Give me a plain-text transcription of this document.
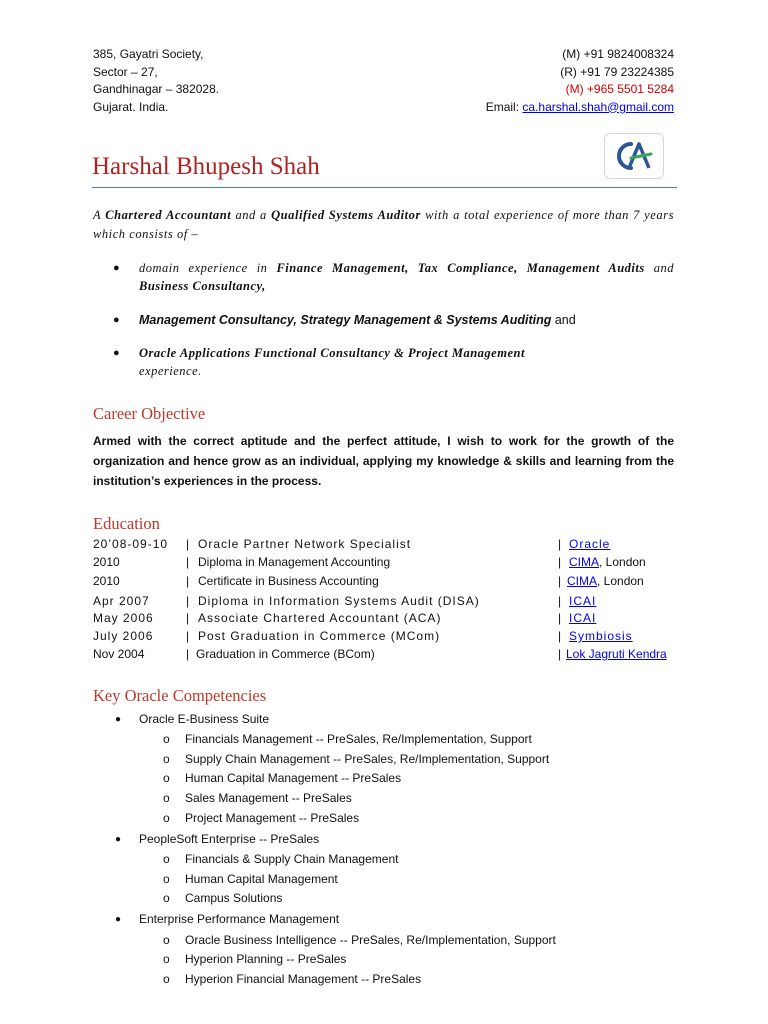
385, Gayatri Society,
Sector – 27,
Gandhinagar – 382028.
Gujarat. India.
(M) +91 9824008324
(R) +91 79 23224385
(M) +965 5501 5284
Email: ca.harshal.shah@gmail.com
Harshal Bhupesh Shah	CA
A Chartered Accountant and a Qualified Systems Auditor with a total experience of more than 7 years which consists of –
● domain experience in Finance Management, Tax Compliance, Management Audits and Business Consultancy,
● Management Consultancy, Strategy Management & Systems Auditing and
● Oracle Applications Functional Consultancy & Project Management
experience.
Career Objective
Armed with the correct aptitude and the perfect attitude, I wish to work for the growth of the organization and hence grow as an individual, applying my knowledge & skills and learning from the institution’s experiences in the process.
Education
20’08-09-10 | Oracle Partner Network Specialist	| Oracle
2010	| Diploma in Management Accounting	| CIMA, London
2010	| Certificate in Business Accounting	| CIMA, London
Apr 2007	| Diploma in Information Systems Audit (DISA)	| ICAI
May 2006	| Associate Chartered Accountant (ACA)	| ICAI
July 2006	| Post Graduation in Commerce (MCom)	| Symbiosis
Nov 2004	| Graduation in Commerce (BCom)	| Lok Jagruti Kendra
Key Oracle Competencies
● Oracle E-Business Suite
o Financials Management -- PreSales, Re/Implementation, Support
o Supply Chain Management -- PreSales, Re/Implementation, Support
o Human Capital Management -- PreSales
o Sales Management -- PreSales
o Project Management -- PreSales
● PeopleSoft Enterprise -- PreSales
o Financials & Supply Chain Management
o Human Capital Management
o Campus Solutions
● Enterprise Performance Management
o Oracle Business Intelligence -- PreSales, Re/Implementation, Support
o Hyperion Planning -- PreSales
o Hyperion Financial Management -- PreSales
